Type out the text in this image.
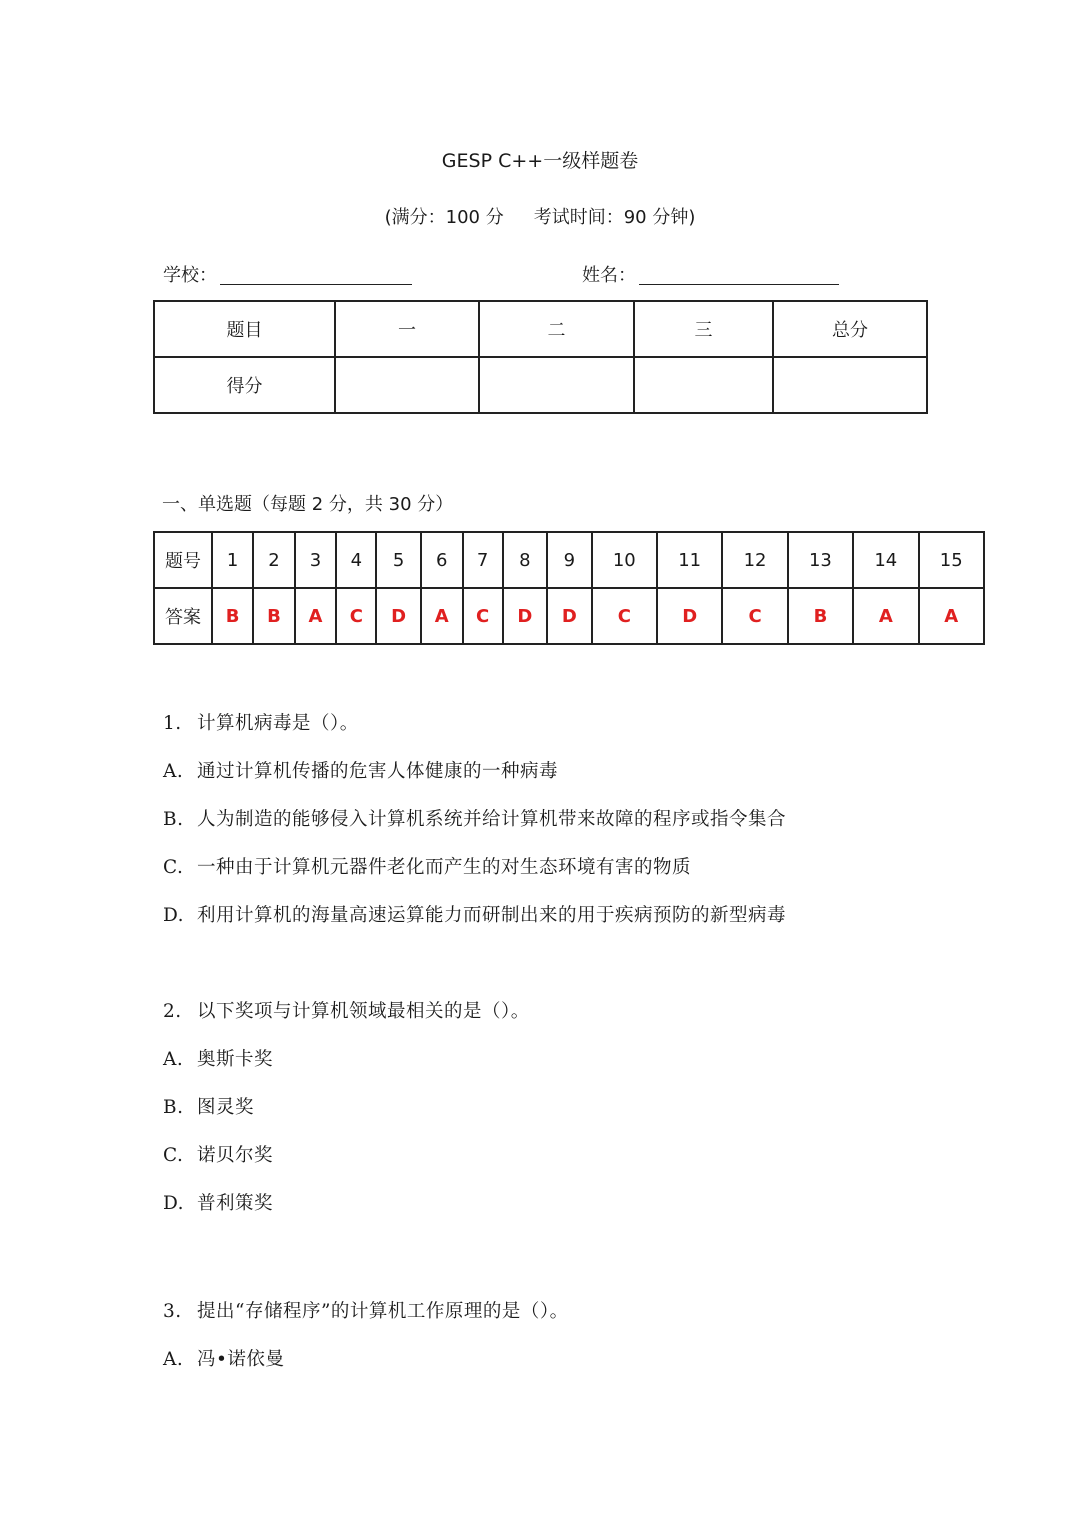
GESP C++一级样题卷
(满分：100 分 考试时间：90 分钟)
学校：	姓名：
题目	一	二	三	总分
得分				
一、单选题（每题 2 分，共 30 分）
题号	1	2	3	4	5	6	7	8	9	10	11	12	13	14	15
答案	B	B	A	C	D	A	C	D	D	C	D	C	B	A	A
1. 计算机病毒是（）。
A. 通过计算机传播的危害人体健康的一种病毒
B. 人为制造的能够侵入计算机系统并给计算机带来故障的程序或指令集合
C. 一种由于计算机元器件老化而产生的对生态环境有害的物质
D. 利用计算机的海量高速运算能力而研制出来的用于疾病预防的新型病毒
2. 以下奖项与计算机领域最相关的是（）。
A. 奥斯卡奖
B. 图灵奖
C. 诺贝尔奖
D. 普利策奖
3. 提出“存储程序”的计算机工作原理的是（）。
A. 冯•诺依曼
